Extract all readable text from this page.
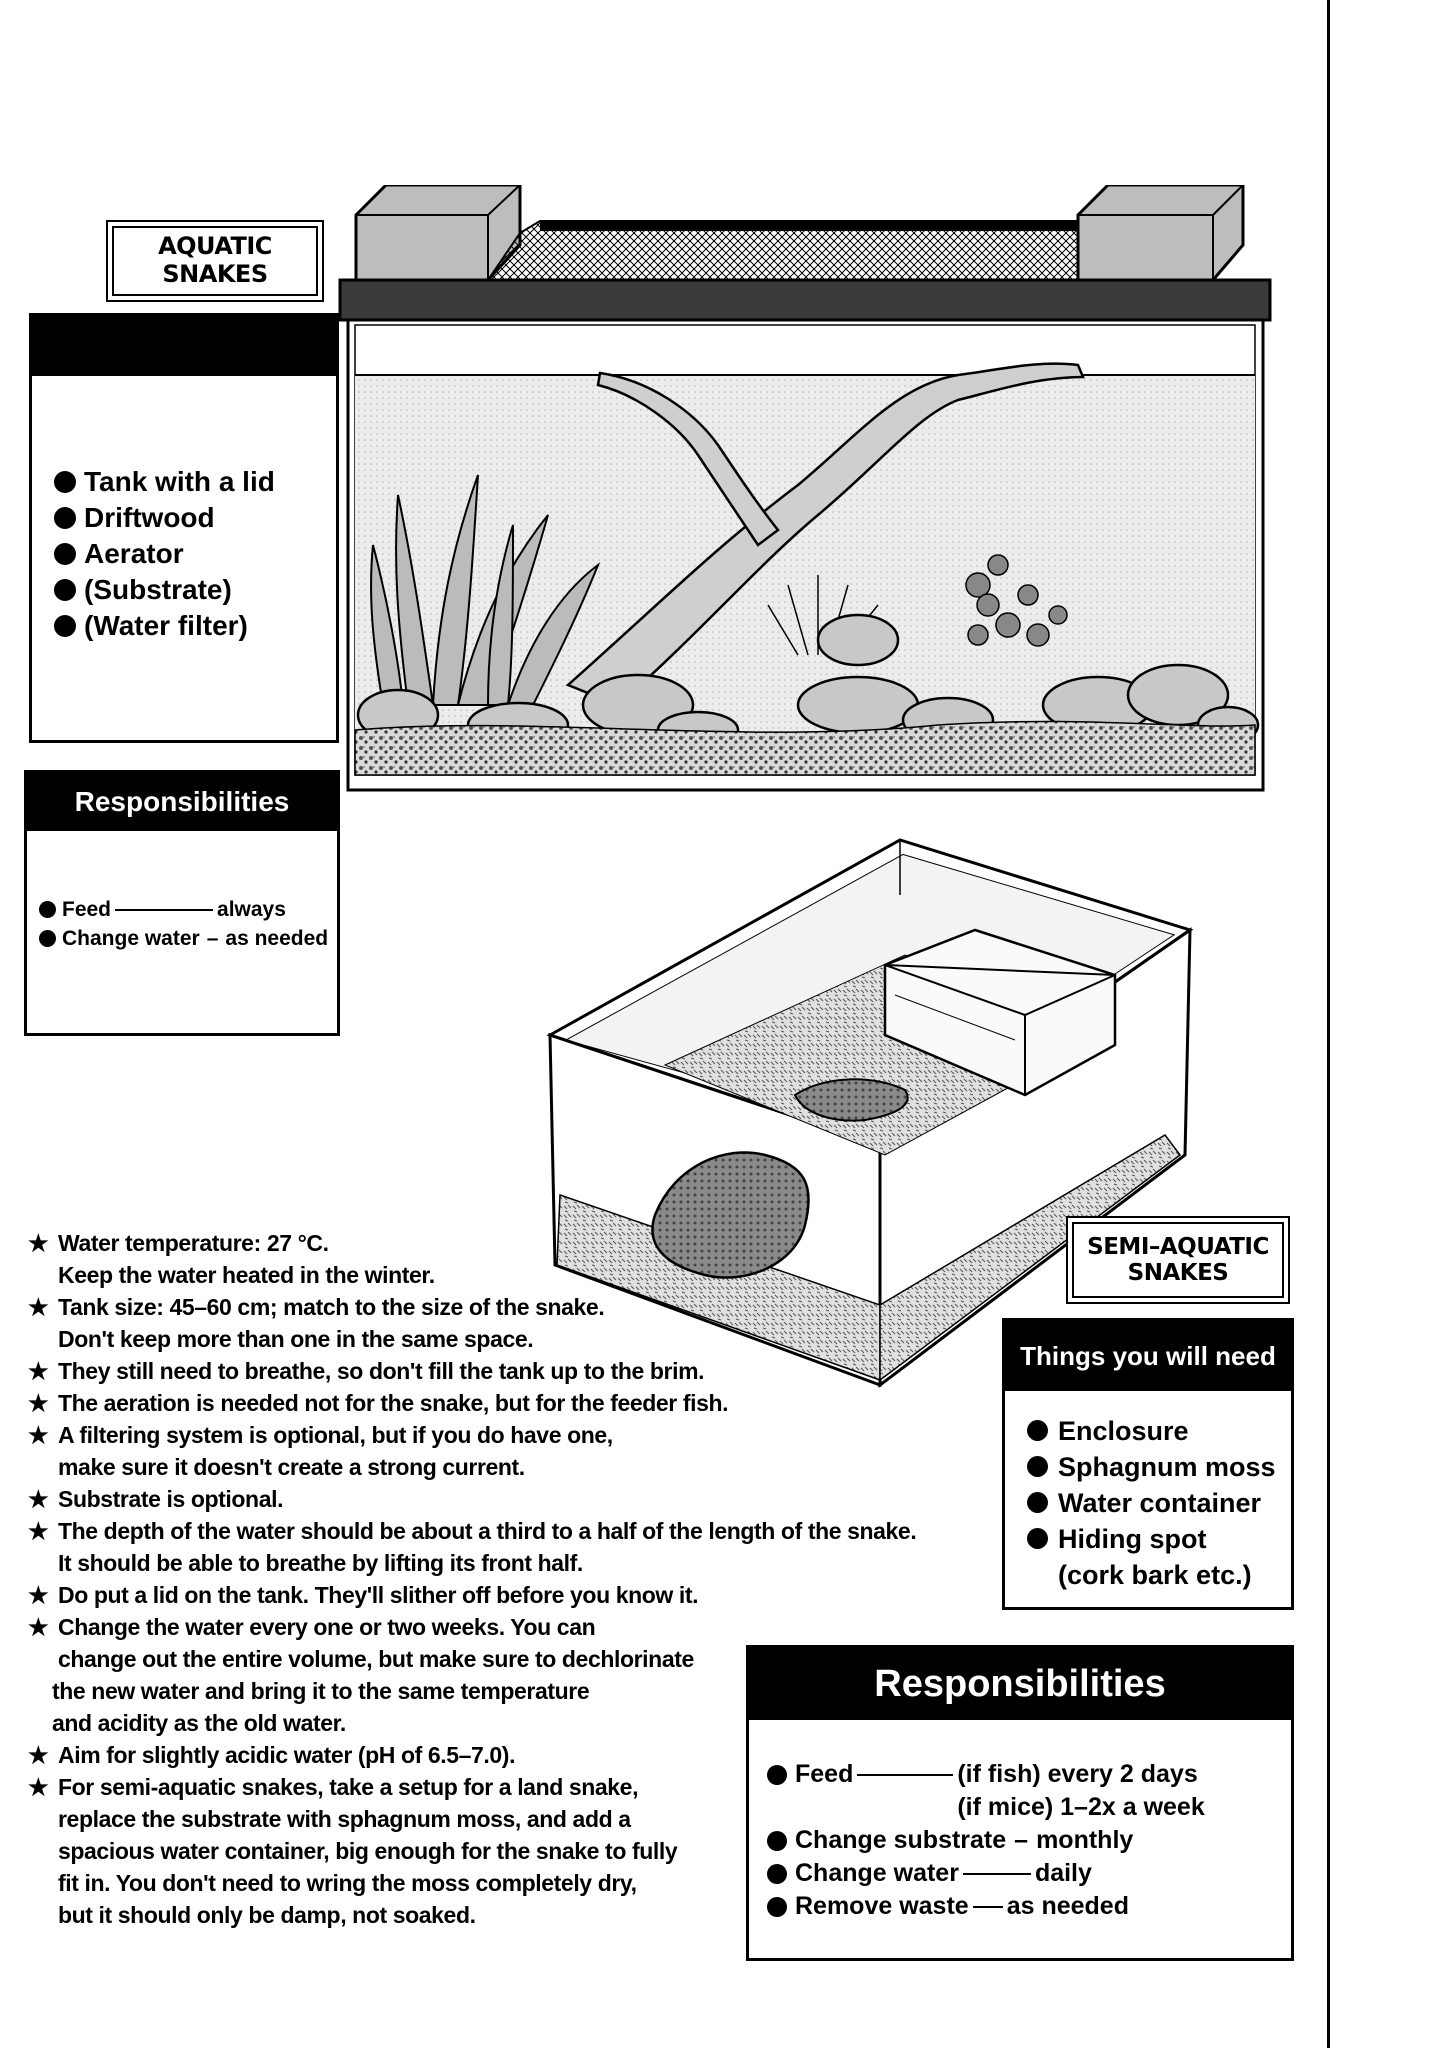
AQUATIC SNAKES
Tank with a lid
Driftwood
Aerator
(Substrate)
(Water filter)
Responsibilities
Feed	always
Change water – as needed
SEMI–AQUATIC
SNAKES
Things you will need
Enclosure
Sphagnum moss
Water container
Hiding spot
(cork bark etc.)
Responsibilities
Feed	(if fish) every 2 days
(if mice) 1–2x a week
Change substrate – monthly
Change water	daily
Remove waste as needed
★ Water temperature: 27 °C.
Keep the water heated in the winter.
★ Tank size: 45–60 cm; match to the size of the snake.
Don't keep more than one in the same space.
★ They still need to breathe, so don't fill the tank up to the brim.
★ The aeration is needed not for the snake, but for the feeder fish.
★ A filtering system is optional, but if you do have one,
make sure it doesn't create a strong current.
★ Substrate is optional.
★ The depth of the water should be about a third to a half of the length of the snake.
It should be able to breathe by lifting its front half.
★ Do put a lid on the tank. They'll slither off before you know it.
★ Change the water every one or two weeks. You can
change out the entire volume, but make sure to dechlorinate
the new water and bring it to the same temperature
and acidity as the old water.
★ Aim for slightly acidic water (pH of 6.5–7.0).
★ For semi-aquatic snakes, take a setup for a land snake,
replace the substrate with sphagnum moss, and add a
spacious water container, big enough for the snake to fully
fit in. You don't need to wring the moss completely dry,
but it should only be damp, not soaked.
